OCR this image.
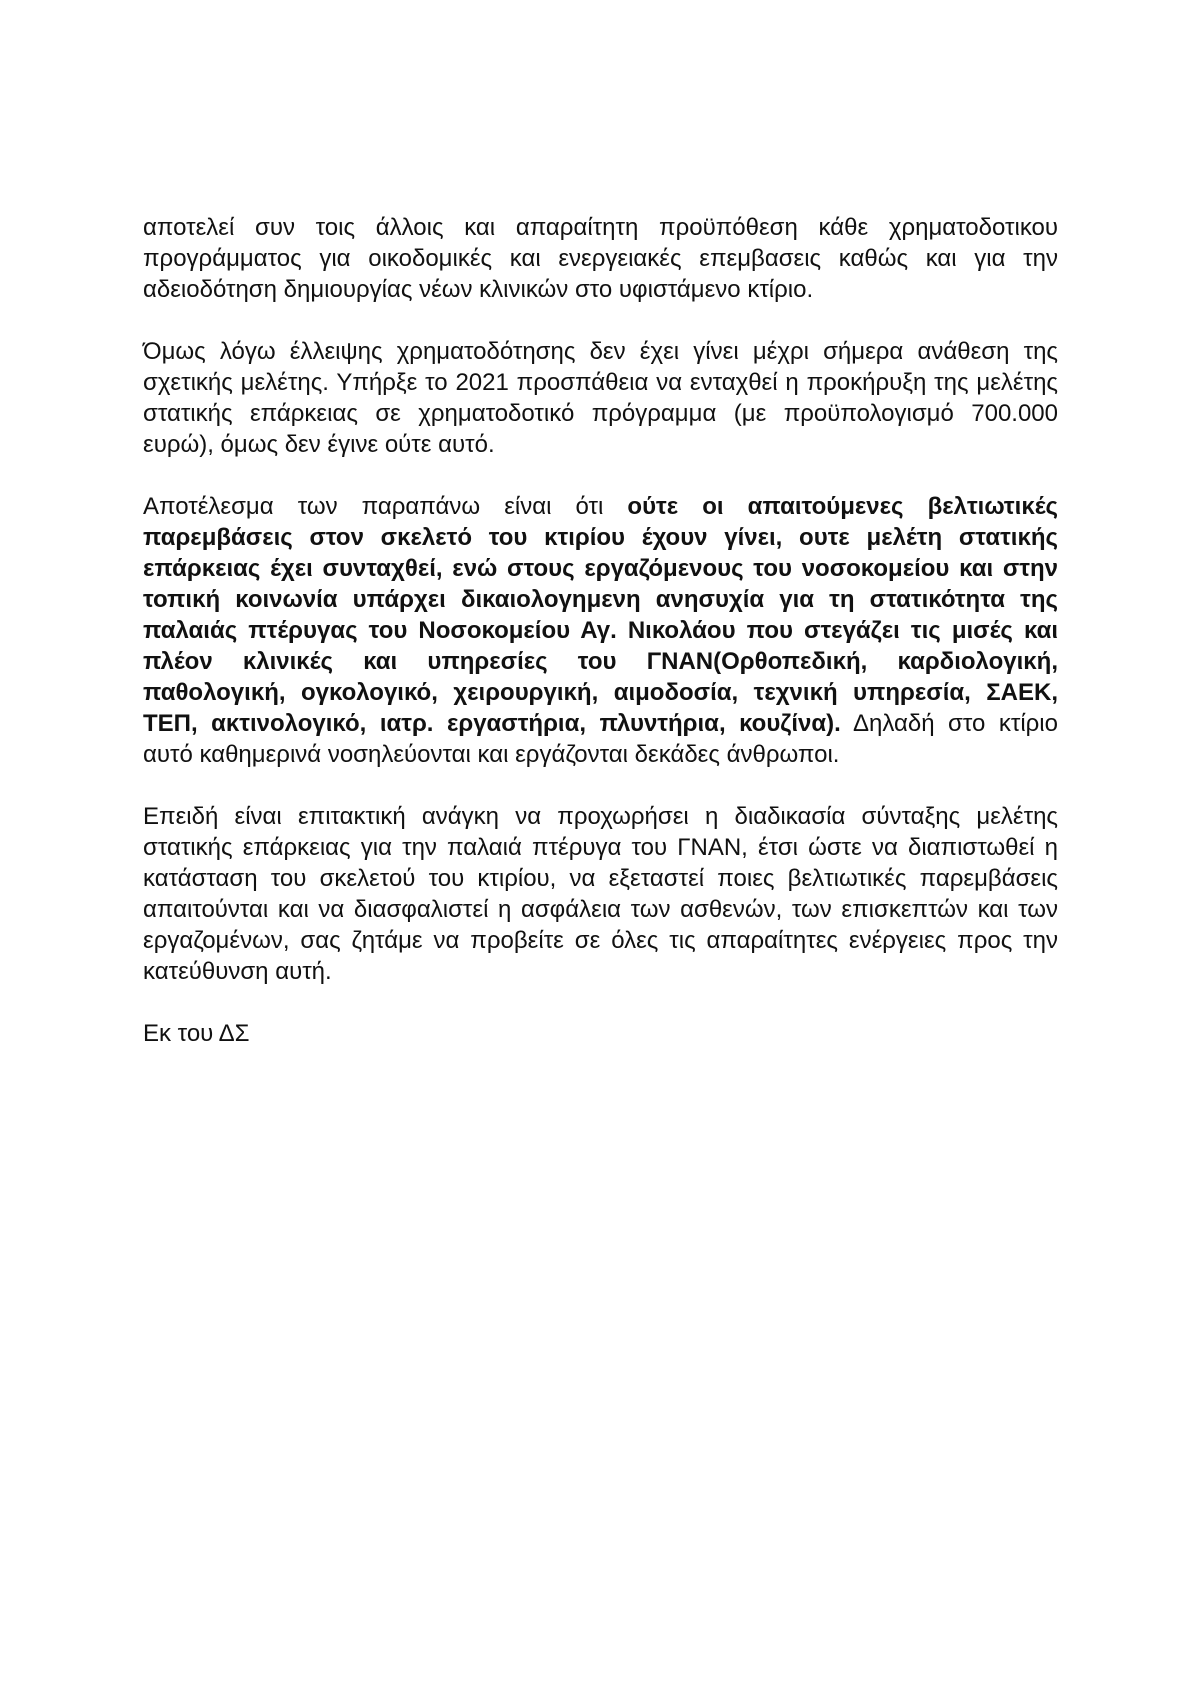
αποτελεί συν τοις άλλοις και απαραίτητη προϋπόθεση κάθε χρηματοδοτικου προγράμματος για οικοδομικές και ενεργειακές επεμβασεις καθώς και για την αδειοδότηση δημιουργίας νέων κλινικών στο υφιστάμενο κτίριο.

Όμως λόγω έλλειψης χρηματοδότησης δεν έχει γίνει μέχρι σήμερα ανάθεση της σχετικής μελέτης. Υπήρξε το 2021 προσπάθεια να ενταχθεί η προκήρυξη της μελέτης στατικής επάρκειας σε χρηματοδοτικό πρόγραμμα (με προϋπολογισμό 700.000 ευρώ), όμως δεν έγινε ούτε αυτό.

Αποτέλεσμα των παραπάνω είναι ότι ούτε οι απαιτούμενες βελτιωτικές παρεμβάσεις στον σκελετό του κτιρίου έχουν γίνει, ουτε μελέτη στατικής επάρκειας έχει συνταχθεί, ενώ στους εργαζόμενους του νοσοκομείου και στην τοπική κοινωνία υπάρχει δικαιολογημενη ανησυχία για τη στατικότητα της παλαιάς πτέρυγας του Νοσοκομείου Αγ. Νικολάου που στεγάζει τις μισές και πλέον κλινικές και υπηρεσίες του ΓΝΑΝ(Ορθοπεδική, καρδιολογική, παθολογική, ογκολογικό, χειρουργική, αιμοδοσία, τεχνική υπηρεσία, ΣΑΕΚ, ΤΕΠ, ακτινολογικό, ιατρ. εργαστήρια, πλυντήρια, κουζίνα). Δηλαδή στο κτίριο αυτό καθημερινά νοσηλεύονται και εργάζονται δεκάδες άνθρωποι.

Επειδή είναι επιτακτική ανάγκη να προχωρήσει η διαδικασία σύνταξης μελέτης στατικής επάρκειας για την παλαιά πτέρυγα του ΓΝΑΝ, έτσι ώστε να διαπιστωθεί η κατάσταση του σκελετού του κτιρίου, να εξεταστεί ποιες βελτιωτικές παρεμβάσεις απαιτούνται και να διασφαλιστεί η ασφάλεια των ασθενών, των επισκεπτών και των εργαζομένων, σας ζητάμε να προβείτε σε όλες τις απαραίτητες ενέργειες προς την κατεύθυνση αυτή.

Εκ του ΔΣ
